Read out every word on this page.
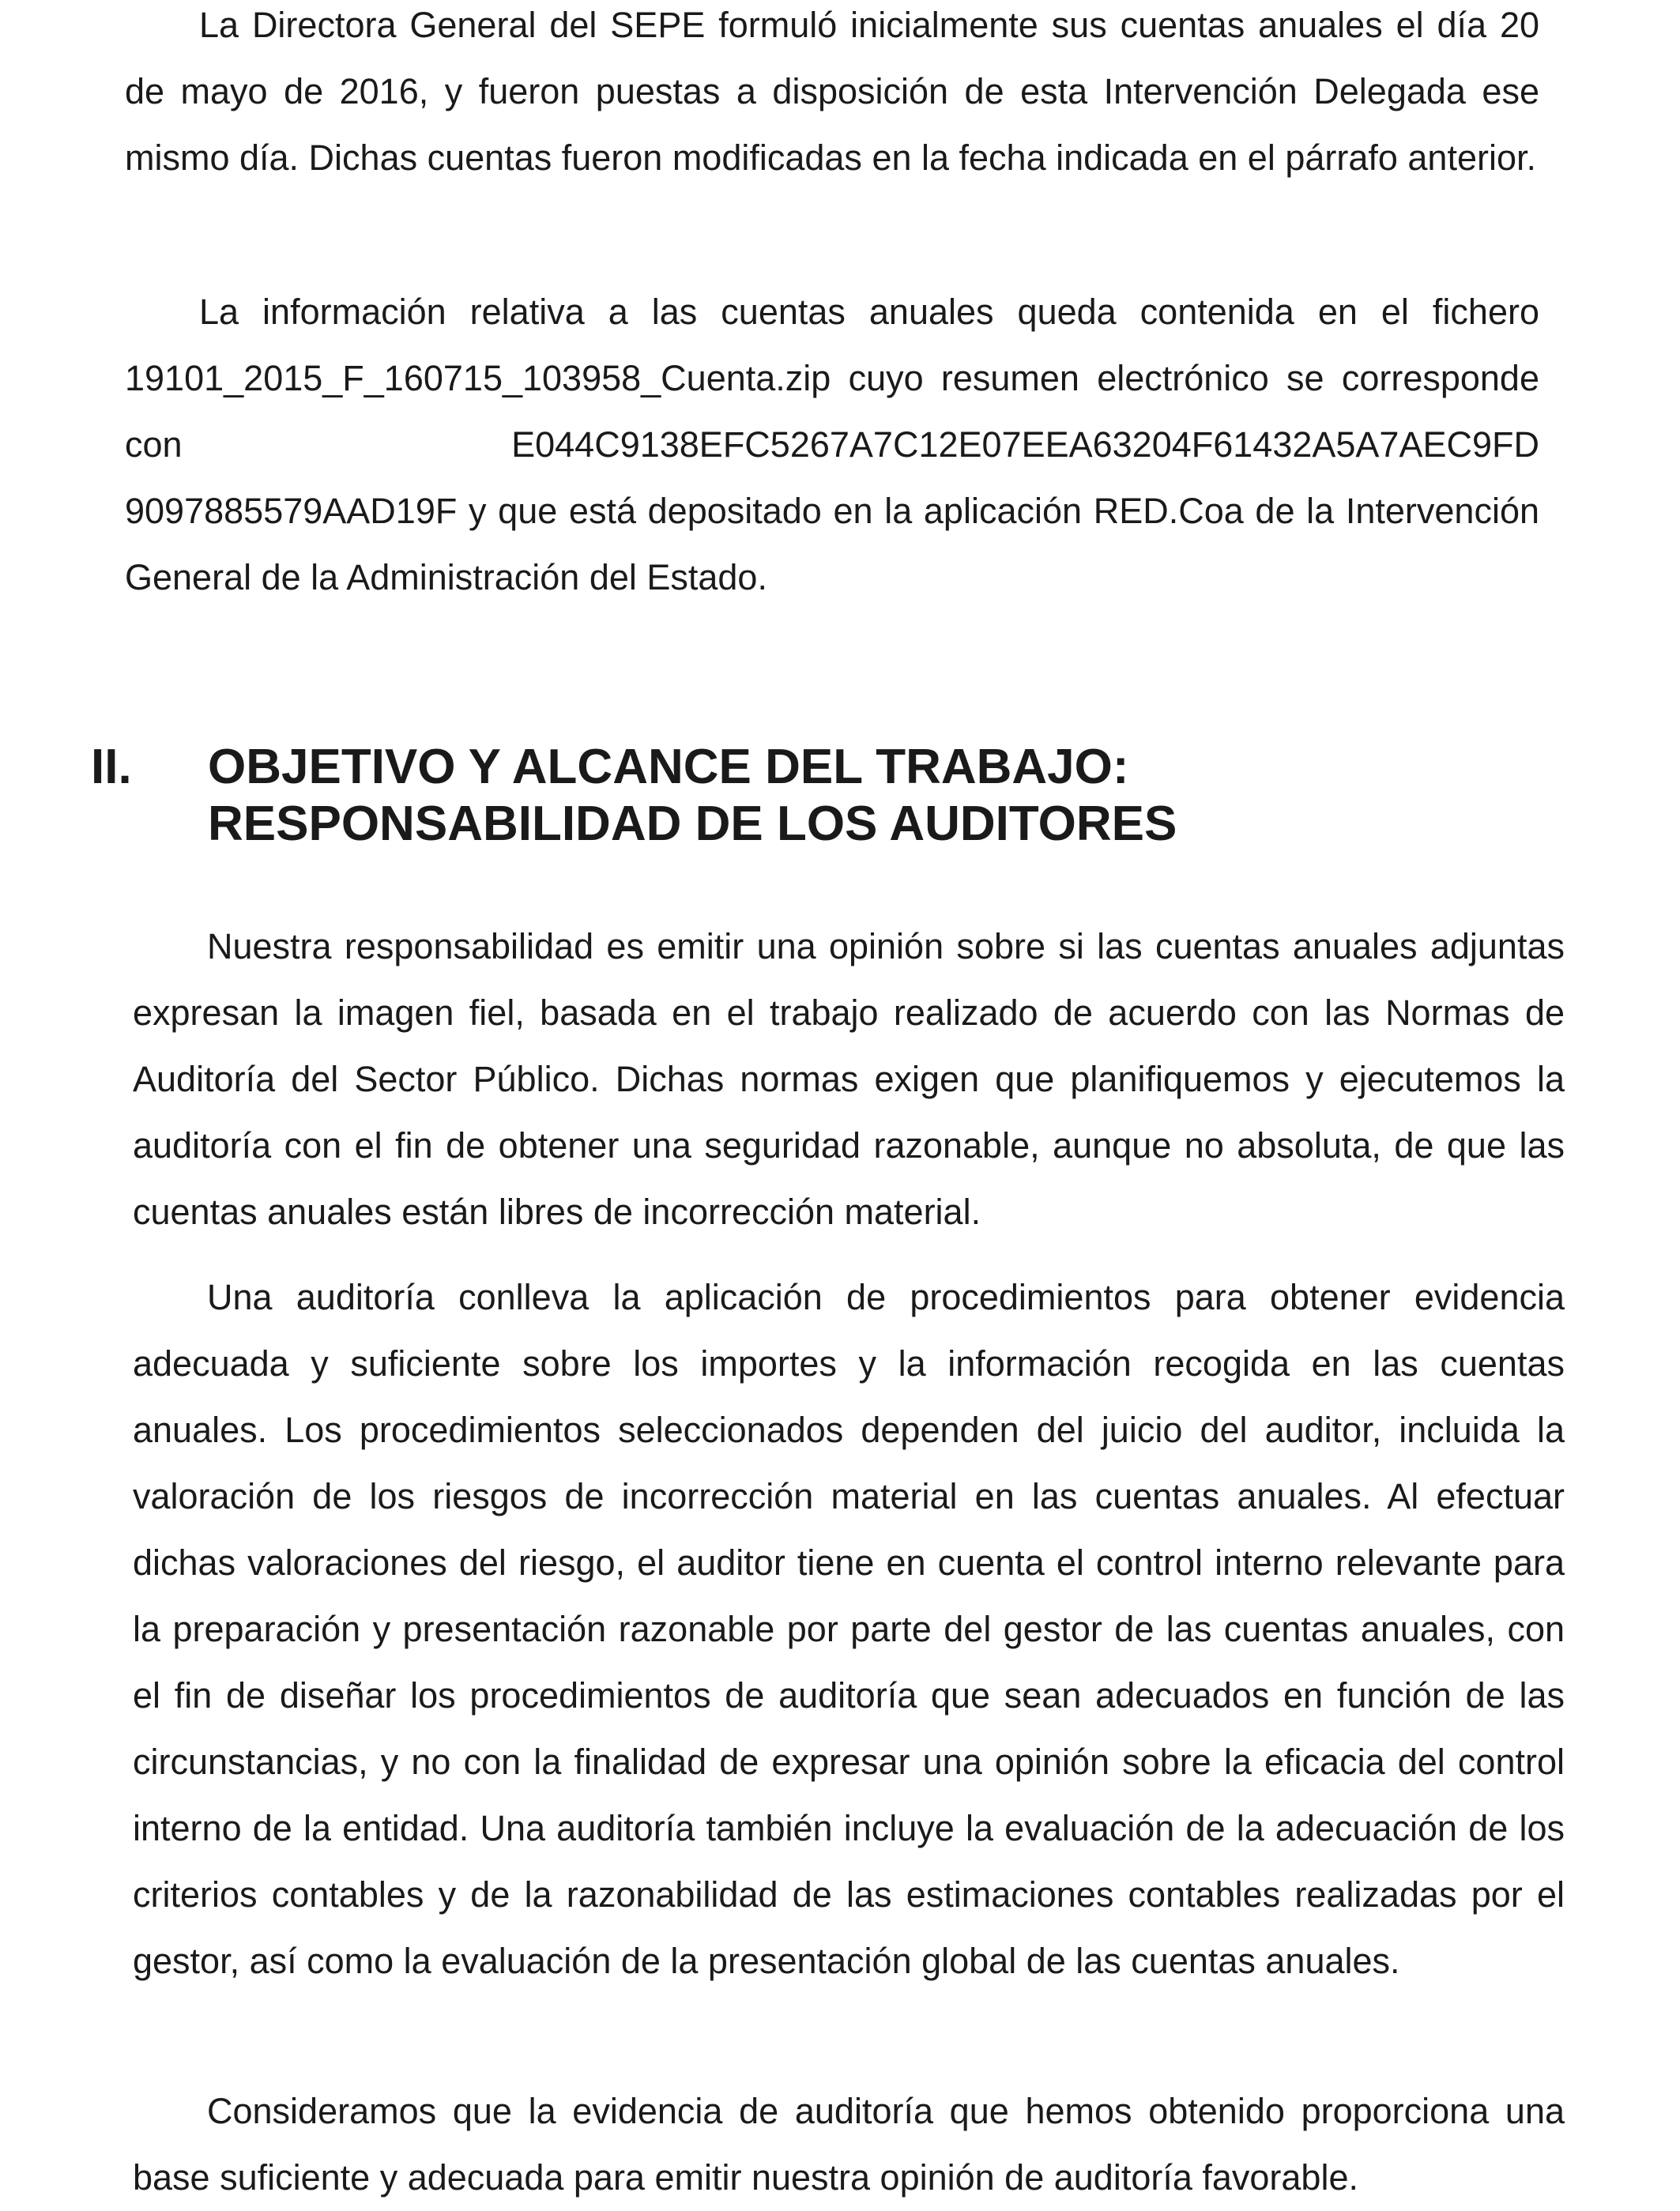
La Directora General del SEPE formuló inicialmente sus cuentas anuales el día 20 de mayo de 2016, y fueron puestas a disposición de esta Intervención Delegada ese mismo día. Dichas cuentas fueron modificadas en la fecha indicada en el párrafo anterior.

La información relativa a las cuentas anuales queda contenida en el fichero 19101_2015_F_160715_103958_Cuenta.zip cuyo resumen electrónico se corresponde con E044C9138EFC5267A7C12E07EEA63204F61432A5A7AEC9FD 9097885579AAD19F y que está depositado en la aplicación RED.Coa de la Intervención General de la Administración del Estado.

II. OBJETIVO Y ALCANCE DEL TRABAJO:
RESPONSABILIDAD DE LOS AUDITORES

Nuestra responsabilidad es emitir una opinión sobre si las cuentas anuales adjuntas expresan la imagen fiel, basada en el trabajo realizado de acuerdo con las Normas de Auditoría del Sector Público. Dichas normas exigen que planifiquemos y ejecutemos la auditoría con el fin de obtener una seguridad razonable, aunque no absoluta, de que las cuentas anuales están libres de incorrección material.

Una auditoría conlleva la aplicación de procedimientos para obtener evidencia adecuada y suficiente sobre los importes y la información recogida en las cuentas anuales. Los procedimientos seleccionados dependen del juicio del auditor, incluida la valoración de los riesgos de incorrección material en las cuentas anuales. Al efectuar dichas valoraciones del riesgo, el auditor tiene en cuenta el control interno relevante para la preparación y presentación razonable por parte del gestor de las cuentas anuales, con el fin de diseñar los procedimientos de auditoría que sean adecuados en función de las circunstancias, y no con la finalidad de expresar una opinión sobre la eficacia del control interno de la entidad. Una auditoría también incluye la evaluación de la adecuación de los criterios contables y de la razonabilidad de las estimaciones contables realizadas por el gestor, así como la evaluación de la presentación global de las cuentas anuales.

Consideramos que la evidencia de auditoría que hemos obtenido proporciona una base suficiente y adecuada para emitir nuestra opinión de auditoría favorable.
